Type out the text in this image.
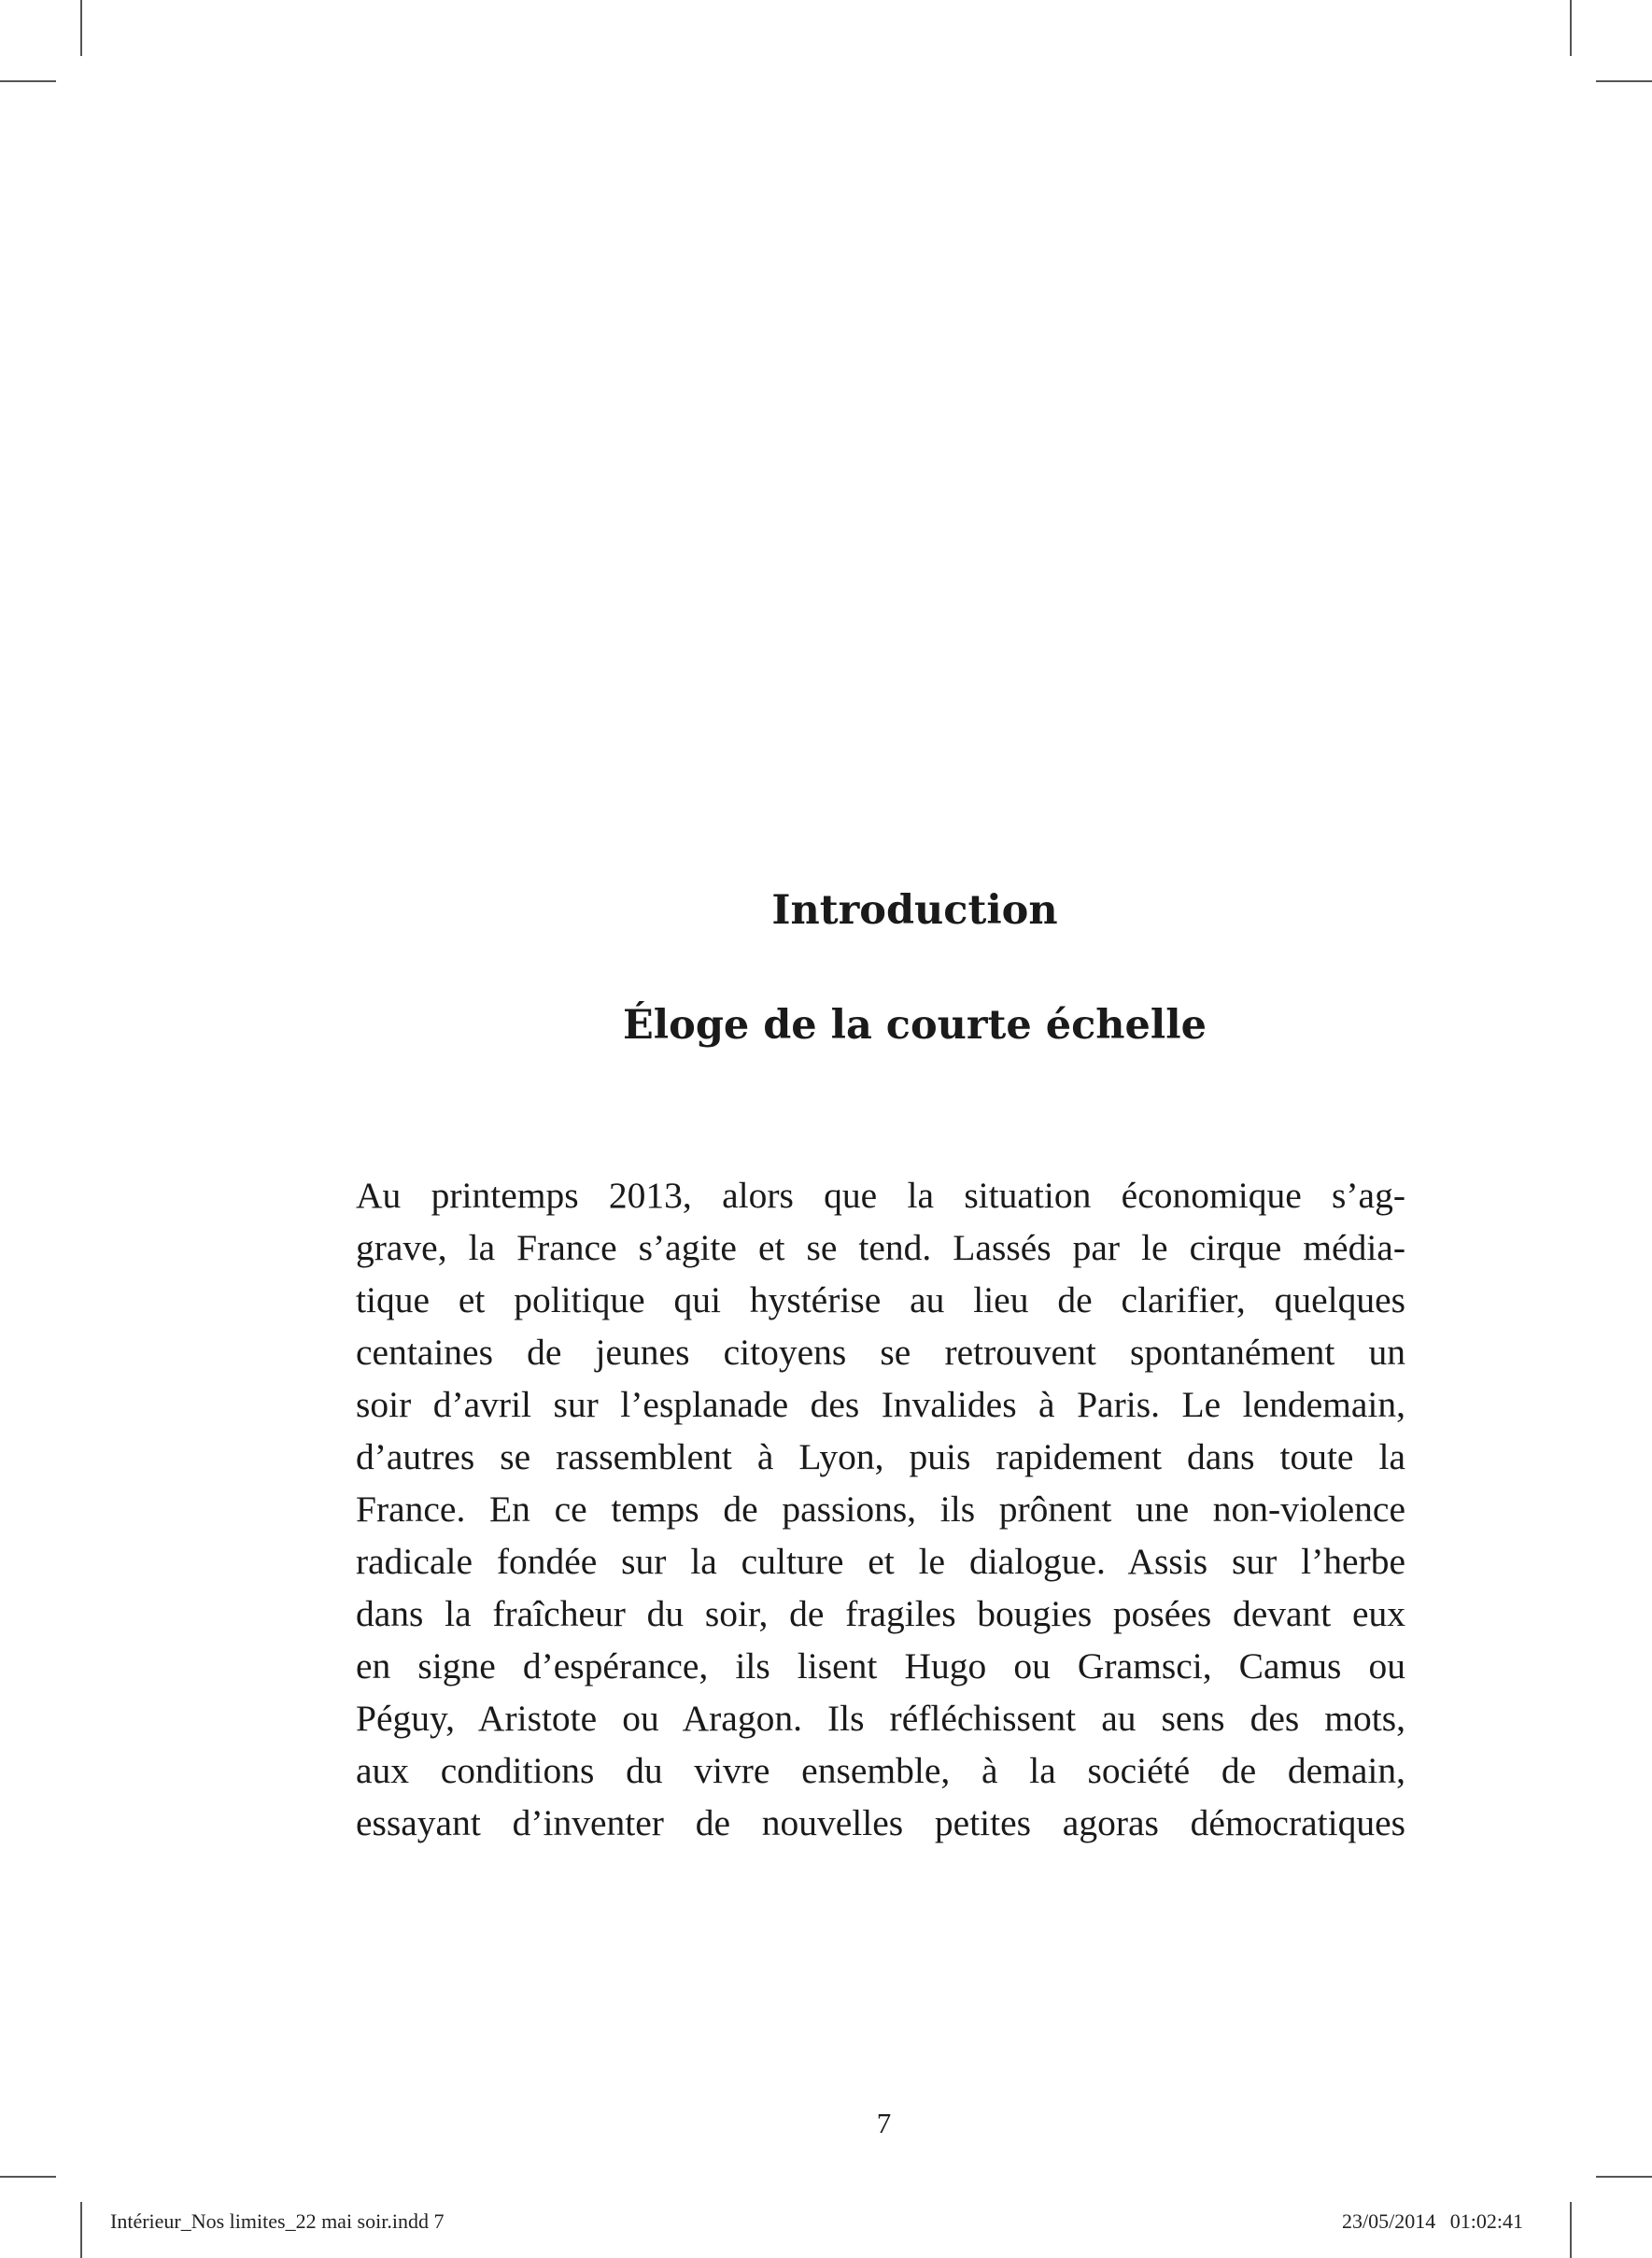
Introduction
Éloge de la courte échelle
Au printemps 2013, alors que la situation économique s’ag-
grave, la France s’agite et se tend. Lassés par le cirque média-
tique et politique qui hystérise au lieu de clarifier, quelques
centaines de jeunes citoyens se retrouvent spontanément un
soir d’avril sur l’esplanade des Invalides à Paris. Le lendemain,
d’autres se rassemblent à Lyon, puis rapidement dans toute la
France. En ce temps de passions, ils prônent une non-violence
radicale fondée sur la culture et le dialogue. Assis sur l’herbe
dans la fraîcheur du soir, de fragiles bougies posées devant eux
en signe d’espérance, ils lisent Hugo ou Gramsci, Camus ou
Péguy, Aristote ou Aragon. Ils réfléchissent au sens des mots,
aux conditions du vivre ensemble, à la société de demain,
essayant d’inventer de nouvelles petites agoras démocratiques
7
Intérieur_Nos limites_22 mai soir.indd 7	23/05/2014 01:02:41
